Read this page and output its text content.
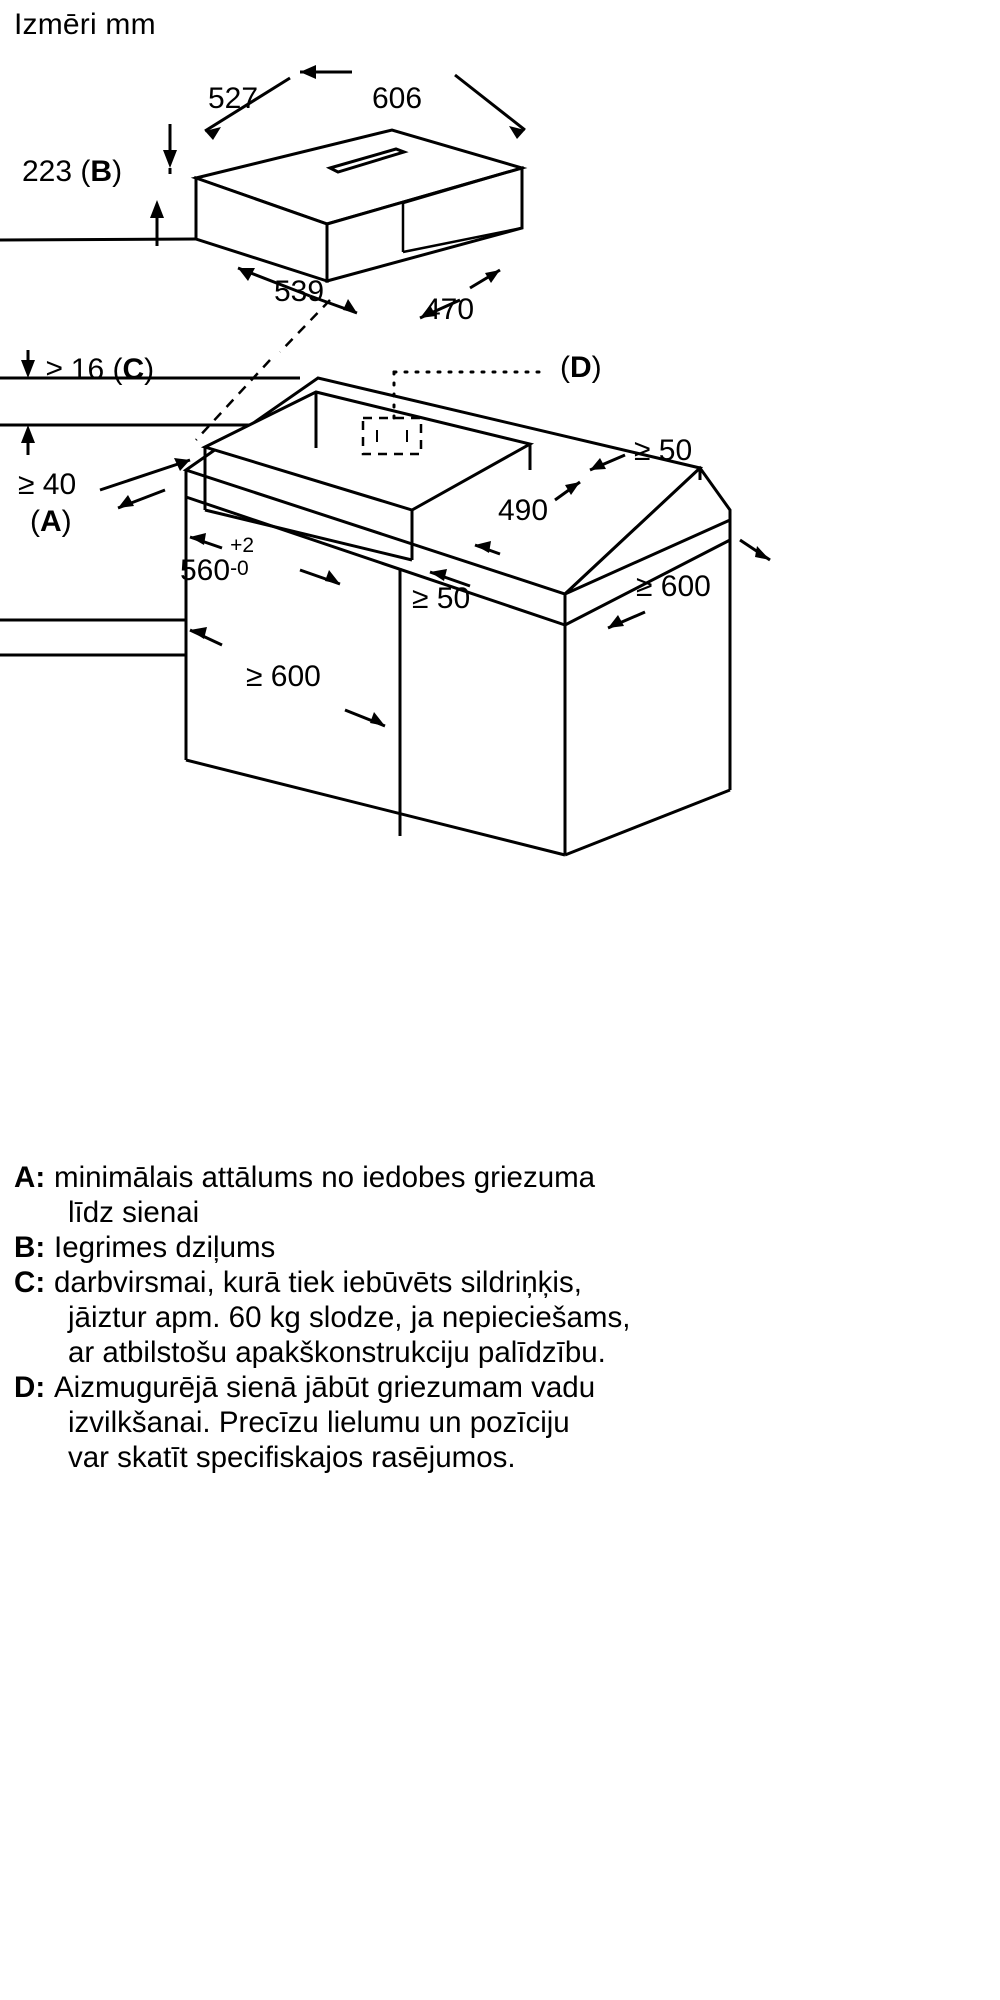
Izmēri mm
527	606
223 (B)
539
470
≥ 16 (C)	(D)
≥ 40
(A)
560
+2
-0
≥ 50
490
≥ 50	≥ 600
≥ 600
A: minimālais attālums no iedobes griezuma
līdz sienai
B: Iegrimes dziļums
C: darbvirsmai, kurā tiek iebūvēts sildriņķis,
jāiztur apm. 60 kg slodze, ja nepieciešams,
ar atbilstošu apakškonstrukciju palīdzību.
D: Aizmugurējā sienā jābūt griezumam vadu
izvilkšanai. Precīzu lielumu un pozīciju
var skatīt specifiskajos rasējumos.
